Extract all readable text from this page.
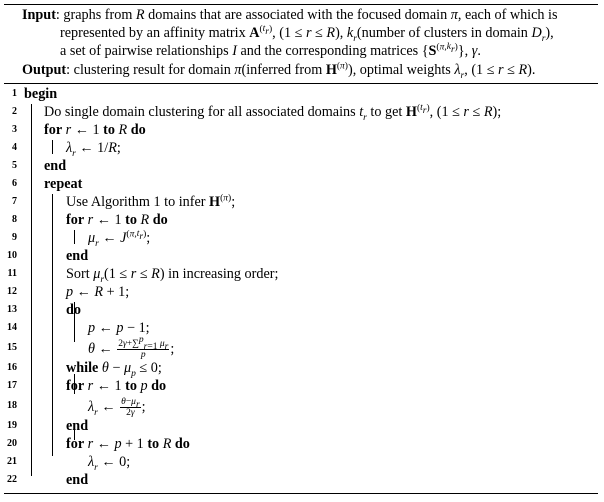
Input: graphs from R domains that are associated with the focused domain π, each of which is
represented by an affinity matrix $A^{(t_r)}$, (1 ≤ r ≤ R), $k_r(number$ of clusters in domain $D_r$),
a set of pairwise relationships I and the corresponding matrices $\{S^{(\pi,k_r)}\}$, γ.
Output: clustering result for domain π(inferred from $H^{(\pi)}$), optimal weights $\lambda_r$, (1 ≤ r ≤ R).
1 begin
2 Do single domain clustering for all associated domains $t_r$ to get $H^{(t_r)}$, (1 ≤ r ≤ R);
3 for r ← 1 to R do
4	$\lambda_r$ ← 1/R;
5 end
6 repeat
7	Use Algorithm 1 to infer $H^{(\pi)}$;
8	for r ← 1 to R do
9	$\mu_r$ ← $J^{(\pi,t_r)}$;
10	end
11	Sort $\mu_r(1 \le r \le R)$ in increasing order;
12	p ← R + 1;
13	do
14	p ← p − 1;
15	θ ← $\frac{2\gamma+\sum^p_{r=1} \mu_r}{p}$ ;
16	while $\theta - \mu_p \le 0$;
17	for r ← 1 to p do
18	$\lambda_r$ ← $\frac{\theta-\mu_r}{2\gamma}$ ;
19	end
20	for r ← p + 1 to R do
21	$\lambda_r$ ← 0;
22	end
